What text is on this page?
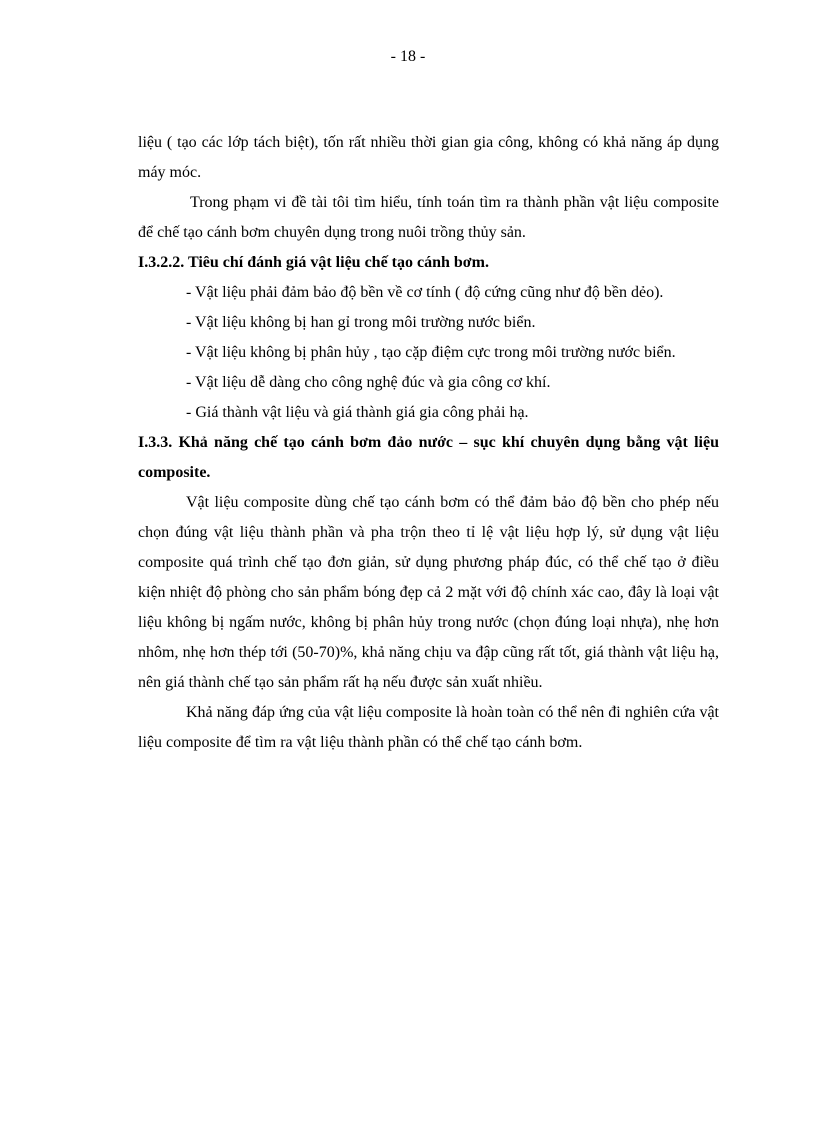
- 18 -

liệu ( tạo các lớp tách biệt), tốn rất nhiều thời gian gia công, không có khả năng áp dụng máy móc.

Trong phạm vi đề tài tôi tìm hiểu, tính toán tìm ra thành phần vật liệu composite để chế tạo cánh bơm chuyên dụng trong nuôi trồng thủy sản.

I.3.2.2. Tiêu chí đánh giá vật liệu chế tạo cánh bơm.

- Vật liệu phải đảm bảo độ bền về cơ tính ( độ cứng cũng như độ bền dẻo).

- Vật liệu không bị han gỉ trong môi trường nước biển.

- Vật liệu không bị phân hủy , tạo cặp điệm cực trong môi trường nước biển.

- Vật liệu dễ dàng cho công nghệ đúc và gia công cơ khí.

- Giá thành vật liệu và giá thành giá gia công phải hạ.

I.3.3. Khả năng chế tạo cánh bơm đảo nước – sục khí chuyên dụng bằng vật liệu composite.

Vật liệu composite dùng chế tạo cánh bơm có thể đảm bảo độ bền cho phép nếu chọn đúng vật liệu thành phần và pha trộn theo tỉ lệ vật liệu hợp lý, sử dụng vật liệu composite quá trình chế tạo đơn giản, sử dụng phương pháp đúc, có thể chế tạo ở điều kiện nhiệt độ phòng cho sản phẩm bóng đẹp cả 2 mặt với độ chính xác cao, đây là loại vật liệu không bị ngấm nước, không bị phân hủy trong nước (chọn đúng loại nhựa), nhẹ hơn nhôm, nhẹ hơn thép tới (50-70)%, khả năng chịu va đập cũng rất tốt, giá thành vật liệu hạ, nên giá thành chế tạo sản phẩm rất hạ nếu được sản xuất nhiều.

Khả năng đáp ứng của vật liệu composite là hoàn toàn có thể nên đi nghiên cứa vật liệu composite để tìm ra vật liệu thành phần có thể chế tạo cánh bơm.
